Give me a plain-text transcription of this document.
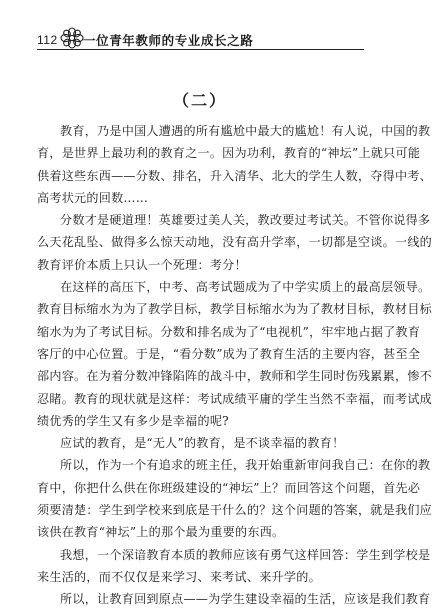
112 一位青年教师的专业成长之路
（二）
教育，乃是中国人遭遇的所有尴尬中最大的尴尬！有人说，中国的教
育，是世界上最功利的教育之一。因为功利，教育的“神坛”上就只可能
供着这些东西——分数、排名，升入清华、北大的学生人数，夺得中考、
高考状元的回数……
分数才是硬道理！英雄要过美人关，教改要过考试关。不管你说得多
么天花乱坠、做得多么惊天动地，没有高升学率，一切都是空谈。一线的
教育评价本质上只认一个死理：考分！
在这样的高压下，中考、高考试题成为了中学实质上的最高层领导。
教育目标缩水为为了教学目标，教学目标缩水为为了教材目标，教材目标
缩水为为了考试目标。分数和排名成为了“电视机”，牢牢地占据了教育
客厅的中心位置。于是，“看分数”成为了教育生活的主要内容，甚至全
部内容。在为着分数冲锋陷阵的战斗中，教师和学生同时伤残累累，惨不
忍睹。教育的现状就是这样：考试成绩平庸的学生当然不幸福，而考试成
绩优秀的学生又有多少是幸福的呢?
应试的教育，是“无人”的教育，是不谈幸福的教育！
所以，作为一个有追求的班主任，我开始重新审问我自己：在你的教
育中，你把什么供在你班级建设的“神坛”上？而回答这个问题，首先必
须要清楚：学生到学校来到底是干什么的？这个问题的答案，就是我们应
该供在教育“神坛”上的那个最为重要的东西。
我想，一个深谙教育本质的教师应该有勇气这样回答：学生到学校是
来生活的，而不仅仅是来学习、来考试、来升学的。
所以，让教育回到原点——为学生建设幸福的生活，应该是我们教育
